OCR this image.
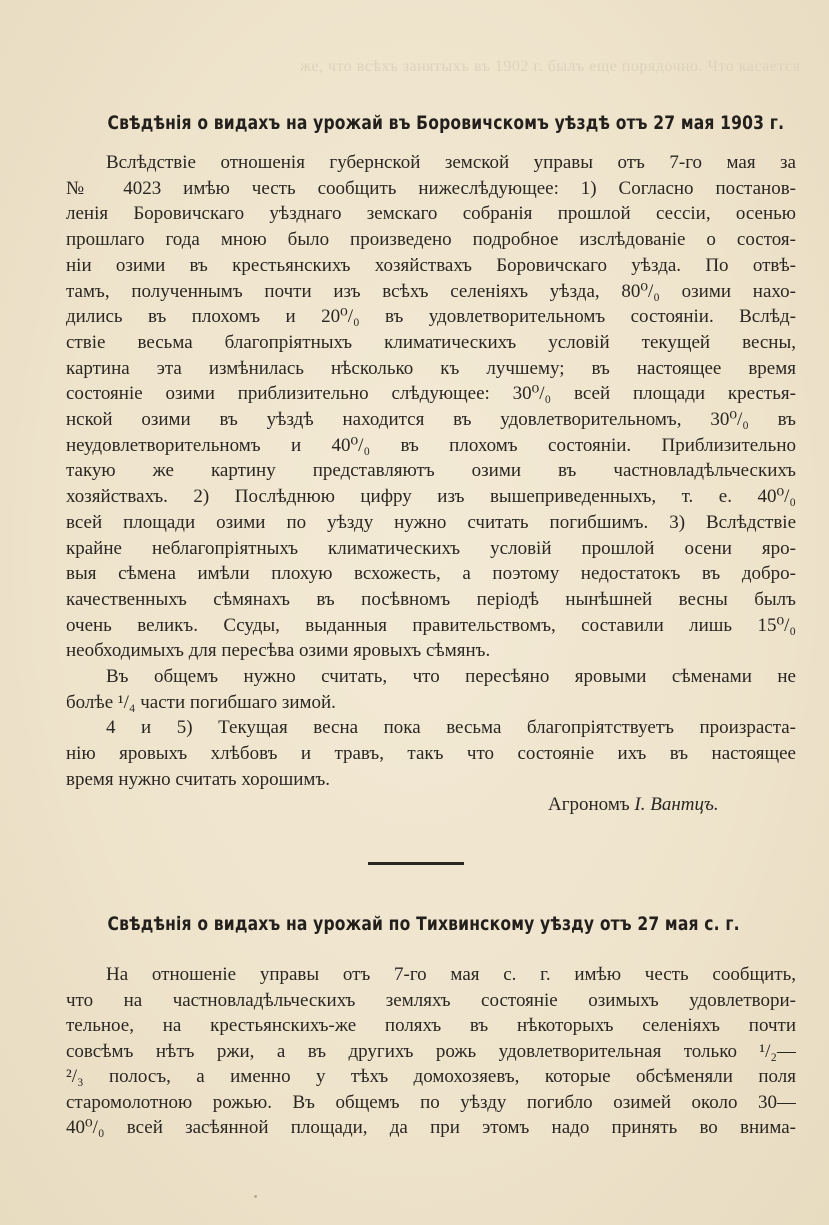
же, что всѣхъ занятыхъ въ 1902 г. былъ еще порядочно. Что касается
Свѣдѣнія о видахъ на урожай въ Боровичскомъ уѣздѣ отъ 27 мая 1903 г.
Вслѣдствіе отношенія губернской земской управы отъ 7-го мая за
№ 4023 имѣю честь сообщить нижеслѣдующее: 1) Согласно постанов-
ленія Боровичскаго уѣзднаго земскаго собранія прошлой сессіи, осенью
прошлаго года мною было произведено подробное изслѣдованіе о состоя-
ніи озими въ крестьянскихъ хозяйствахъ Боровичскаго уѣзда. По отвѣ-
тамъ, полученнымъ почти изъ всѣхъ селеніяхъ уѣзда, 80⁰/₀ озими нахо-
дились въ плохомъ и 20⁰/₀ въ удовлетворительномъ состояніи. Вслѣд-
ствіе весьма благопріятныхъ климатическихъ условій текущей весны,
картина эта измѣнилась нѣсколько къ лучшему; въ настоящее время
состояніе озими приблизительно слѣдующее: 30⁰/₀ всей площади крестья-
нской озими въ уѣздѣ находится въ удовлетворительномъ, 30⁰/₀ въ
неудовлетворительномъ и 40⁰/₀ въ плохомъ состояніи. Приблизительно
такую же картину представляютъ озими въ частновладѣльческихъ
хозяйствахъ. 2) Послѣднюю цифру изъ вышеприведенныхъ, т. е. 40⁰/₀
всей площади озими по уѣзду нужно считать погибшимъ. 3) Вслѣдствіе
крайне неблагопріятныхъ климатическихъ условій прошлой осени яро-
выя сѣмена имѣли плохую всхожесть, а поэтому недостатокъ въ добро-
качественныхъ сѣмянахъ въ посѣвномъ періодѣ нынѣшней весны былъ
очень великъ. Ссуды, выданныя правительствомъ, составили лишь 15⁰/₀
необходимыхъ для пересѣва озими яровыхъ сѣмянъ.
Въ общемъ нужно считать, что пересѣяно яровыми сѣменами не
болѣе ¹/₄ части погибшаго зимой.
4 и 5) Текущая весна пока весьма благопріятствуетъ произраста-
нію яровыхъ хлѣбовъ и травъ, такъ что состояніе ихъ въ настоящее
время нужно считать хорошимъ.
Агрономъ І. Вантцъ.
Свѣдѣнія о видахъ на урожай по Тихвинскому уѣзду отъ 27 мая с. г.
На отношеніе управы отъ 7-го мая с. г. имѣю честь сообщить,
что на частновладѣльческихъ земляхъ состояніе озимыхъ удовлетвори-
тельное, на крестьянскихъ-же поляхъ въ нѣкоторыхъ селеніяхъ почти
совсѣмъ нѣтъ ржи, а въ другихъ рожь удовлетворительная только ¹/₂—
²/₃ полосъ, а именно у тѣхъ домохозяевъ, которые обсѣменяли поля
старомолотною рожью. Въ общемъ по уѣзду погибло озимей около 30—
40⁰/₀ всей засѣянной площади, да при этомъ надо принять во внима-
